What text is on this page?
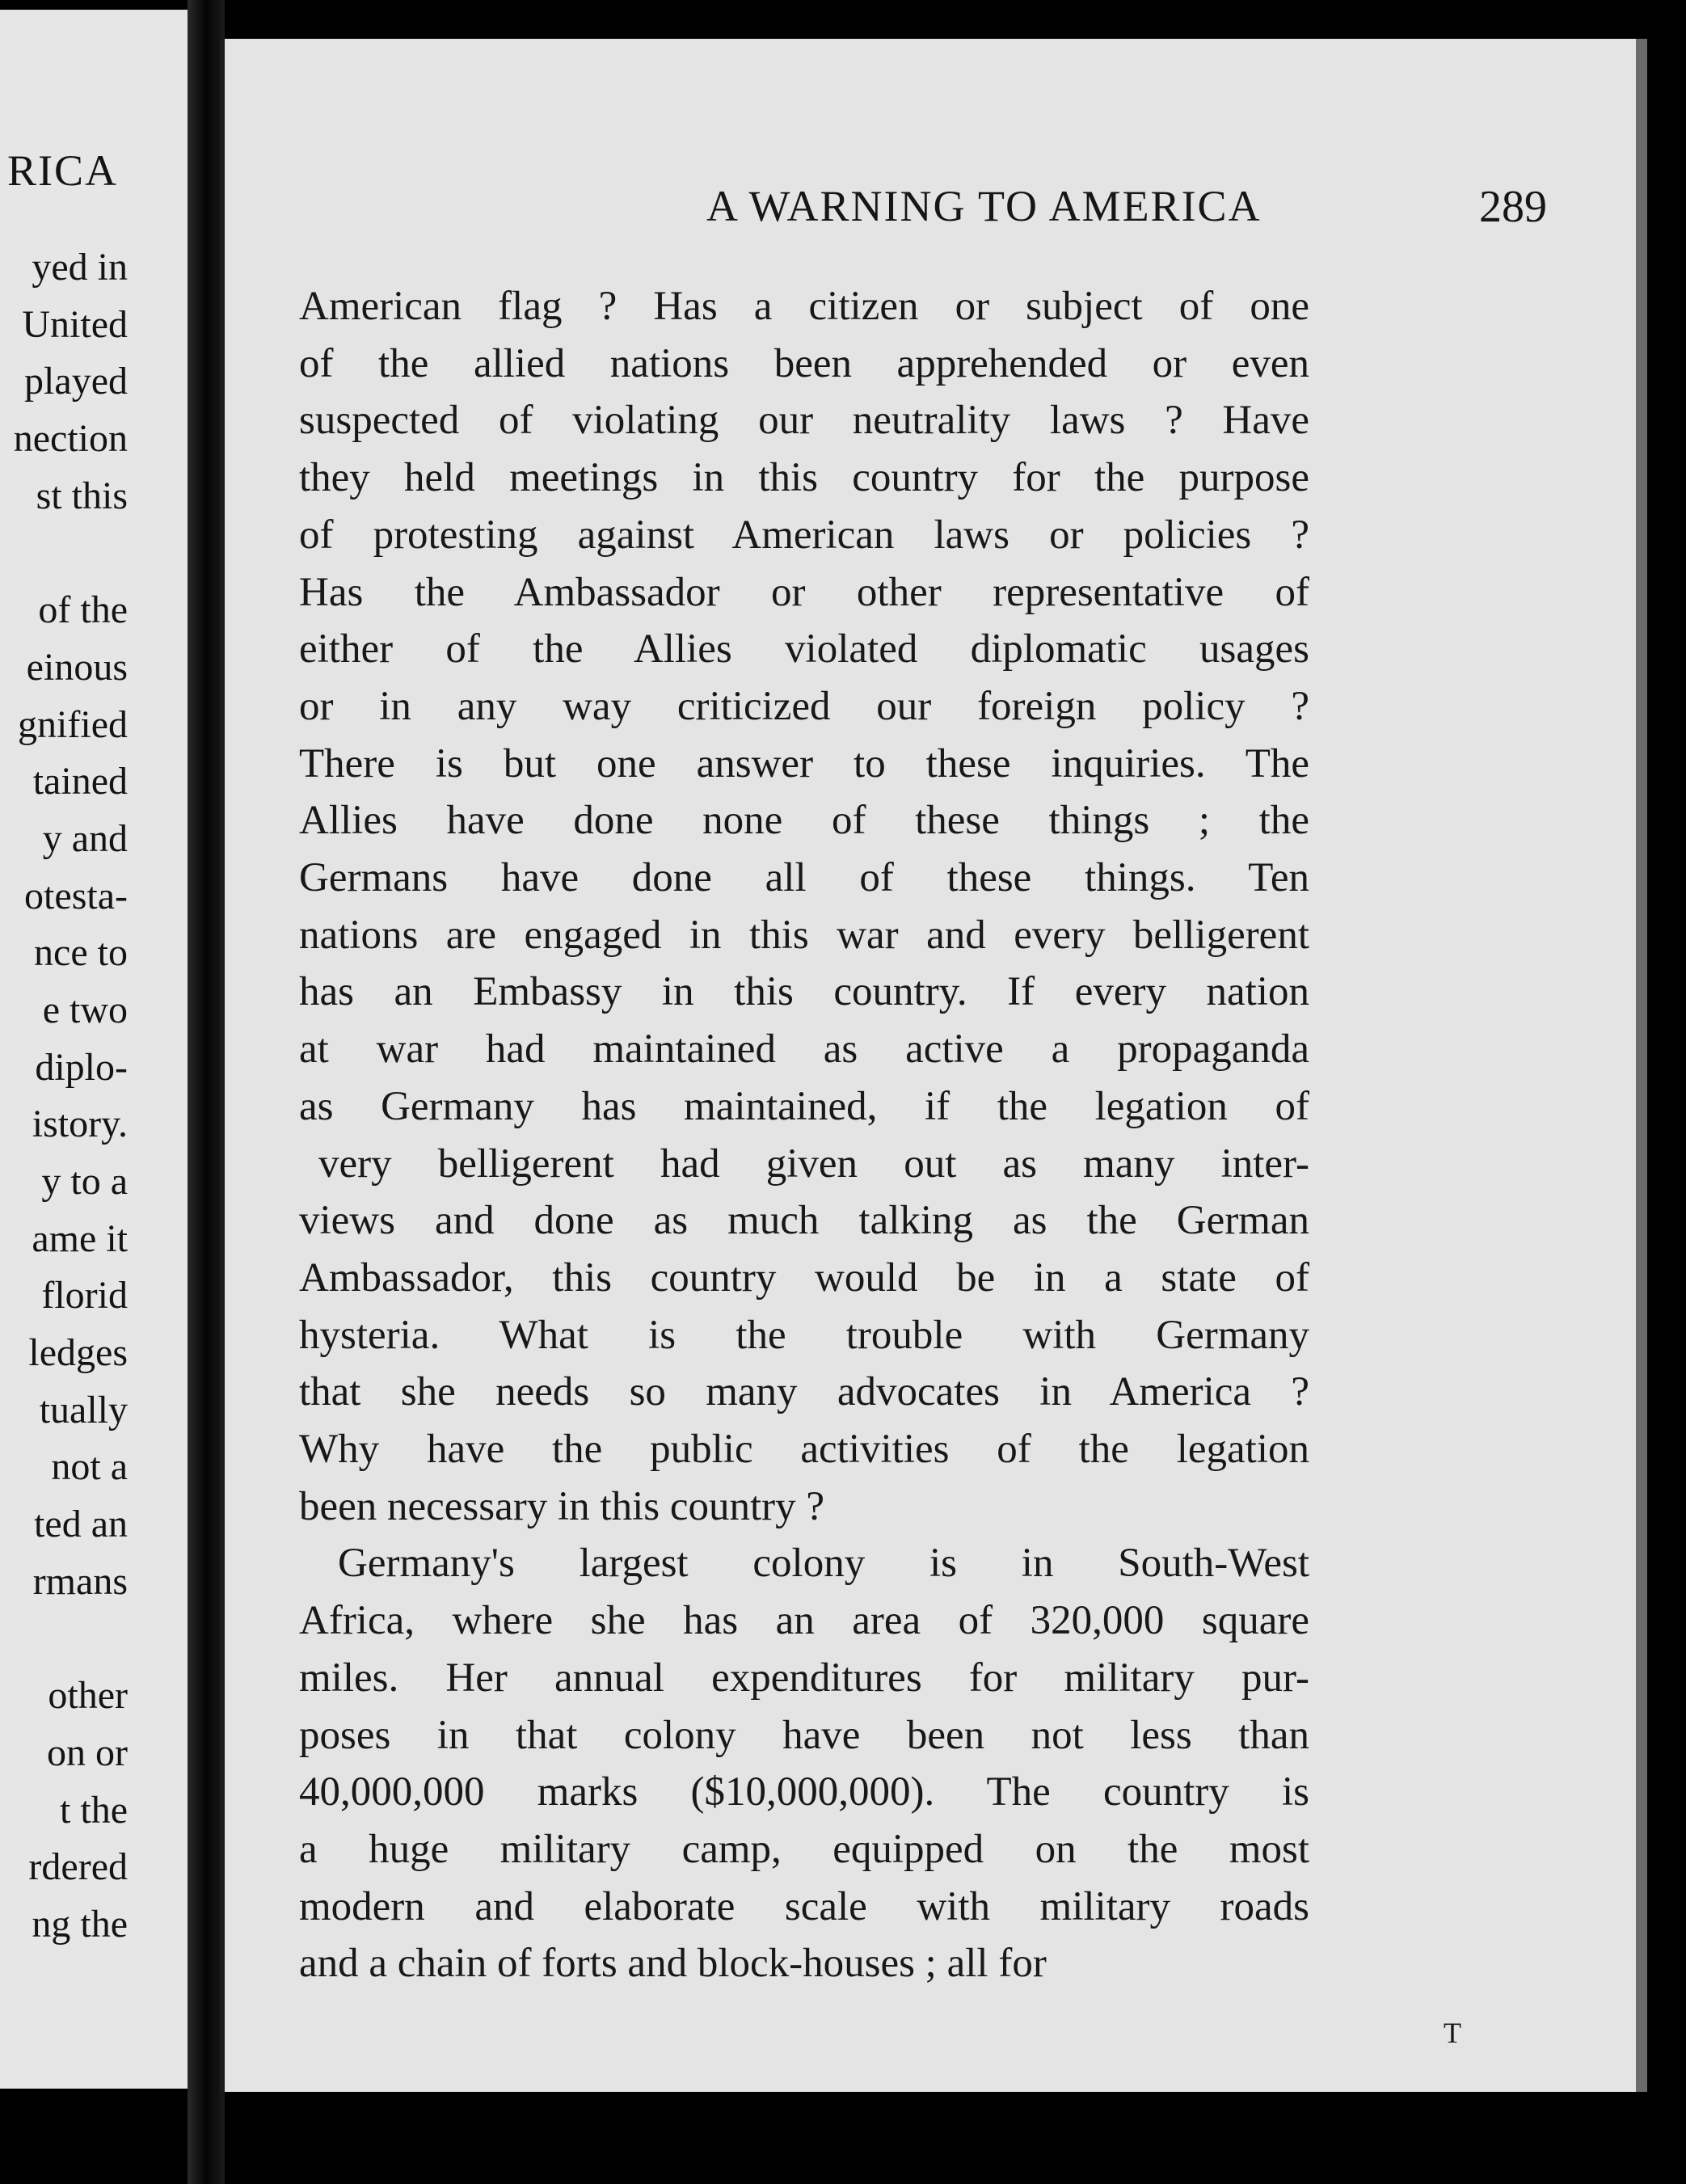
RICA
yed in
United
played
nection
st this
of the
einous
gnified
tained
y and
otesta-
nce to
e two
diplo-
istory.
y to a
ame it
florid
ledges
tually
not a
ted an
rmans
other
on or
t the
rdered
ng the
A WARNING TO AMERICA	289
American flag ? Has a citizen or subject of one
of the allied nations been apprehended or even
suspected of violating our neutrality laws ? Have
they held meetings in this country for the purpose
of protesting against American laws or policies ?
Has the Ambassador or other representative of
either of the Allies violated diplomatic usages
or in any way criticized our foreign policy ?
There is but one answer to these inquiries. The
Allies have done none of these things ; the
Germans have done all of these things. Ten
nations are engaged in this war and every belligerent
has an Embassy in this country. If every nation
at war had maintained as active a propaganda
as Germany has maintained, if the legation of
very belligerent had given out as many inter-
views and done as much talking as the German
Ambassador, this country would be in a state of
hysteria. What is the trouble with Germany
that she needs so many advocates in America ?
Why have the public activities of the legation
been necessary in this country ?
Germany's largest colony is in South-West
Africa, where she has an area of 320,000 square
miles. Her annual expenditures for military pur-
poses in that colony have been not less than
40,000,000 marks ($10,000,000). The country is
a huge military camp, equipped on the most
modern and elaborate scale with military roads
and a chain of forts and block-houses ; all for
T
